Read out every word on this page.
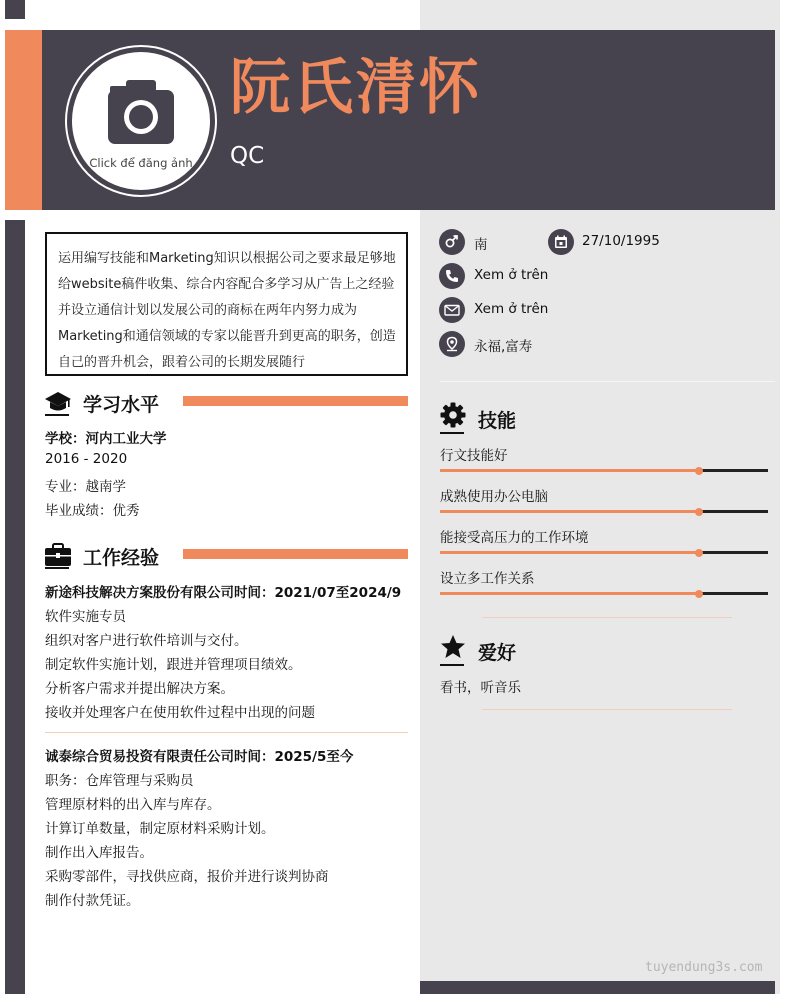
Click để đăng ảnh
阮氏清怀
QC
运用编写技能和Marketing知识以根据公司之要求最足够地给website稿件收集、综合内容配合多学习从广告上之经验并设立通信计划以发展公司的商标在两年内努力成为Marketing和通信领域的专家以能晋升到更高的职务，创造自己的晋升机会，跟着公司的长期发展随行
学习水平
学校：河内工业大学
2016 - 2020
专业：越南学
毕业成绩：优秀
工作经验
新途科技解决方案股份有限公司时间：2021/07至2024/9
软件实施专员
组织对客户进行软件培训与交付。
制定软件实施计划，跟进并管理项目绩效。
分析客户需求并提出解决方案。
接收并处理客户在使用软件过程中出现的问题
诚泰综合贸易投资有限责任公司时间：2025/5至今
职务：仓库管理与采购员
管理原材料的出入库与库存。
计算订单数量，制定原材料采购计划。
制作出入库报告。
采购零部件，寻找供应商，报价并进行谈判协商
制作付款凭证。
南	27/10/1995
Xem ở trên
Xem ở trên
永福,富寿
技能
行文技能好
成熟使用办公电脑
能接受高压力的工作环境
设立多工作关系
爱好
看书，听音乐
tuyendung3s.com
